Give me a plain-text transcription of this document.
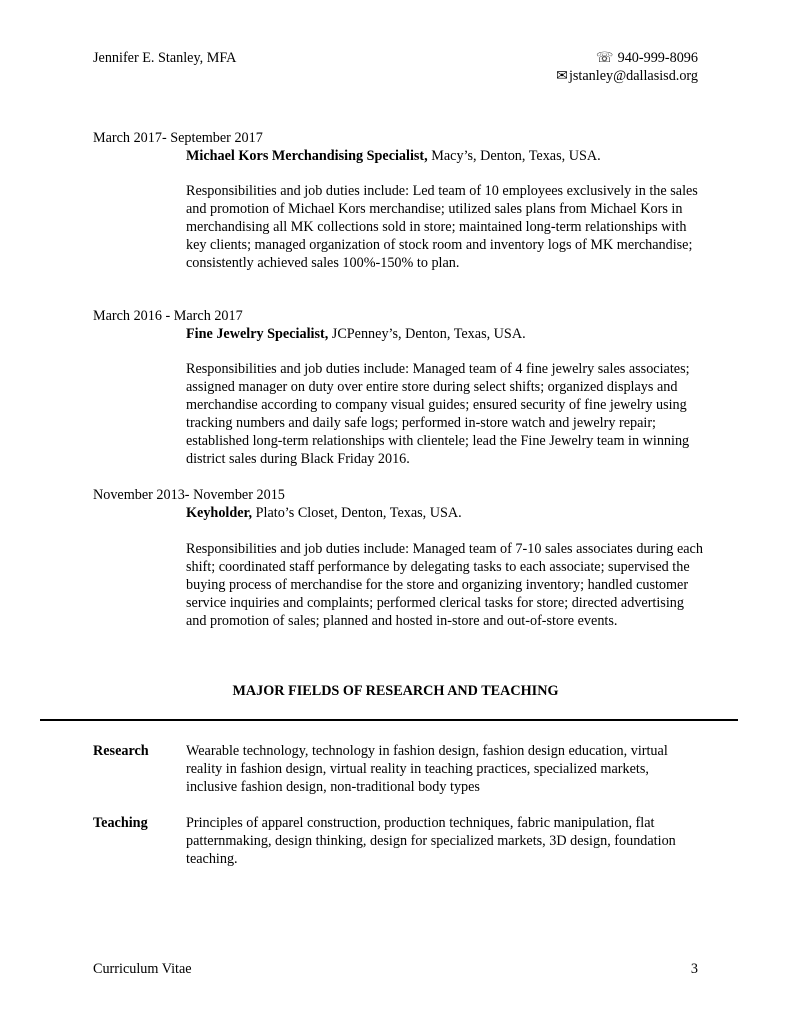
Jennifer E. Stanley, MFA	☏ 940-999-8096
✉jstanley@dallasisd.org
March 2017- September 2017
Michael Kors Merchandising Specialist, Macy’s, Denton, Texas, USA.
Responsibilities and job duties include: Led team of 10 employees exclusively in the sales and promotion of Michael Kors merchandise; utilized sales plans from Michael Kors in merchandising all MK collections sold in store; maintained long-term relationships with key clients; managed organization of stock room and inventory logs of MK merchandise; consistently achieved sales 100%-150% to plan.
March 2016 - March 2017
Fine Jewelry Specialist, JCPenney’s, Denton, Texas, USA.
Responsibilities and job duties include: Managed team of 4 fine jewelry sales associates; assigned manager on duty over entire store during select shifts; organized displays and merchandise according to company visual guides; ensured security of fine jewelry using tracking numbers and daily safe logs; performed in-store watch and jewelry repair; established long-term relationships with clientele; lead the Fine Jewelry team in winning district sales during Black Friday 2016.
November 2013- November 2015
Keyholder, Plato’s Closet, Denton, Texas, USA.
Responsibilities and job duties include: Managed team of 7-10 sales associates during each shift; coordinated staff performance by delegating tasks to each associate; supervised the buying process of merchandise for the store and organizing inventory; handled customer service inquiries and complaints; performed clerical tasks for store; directed advertising and promotion of sales; planned and hosted in-store and out-of-store events.
MAJOR FIELDS OF RESEARCH AND TEACHING
Research	Wearable technology, technology in fashion design, fashion design education, virtual reality in fashion design, virtual reality in teaching practices, specialized markets, inclusive fashion design, non-traditional body types
Teaching	Principles of apparel construction, production techniques, fabric manipulation, flat patternmaking, design thinking, design for specialized markets, 3D design, foundation teaching.
Curriculum Vitae	3
